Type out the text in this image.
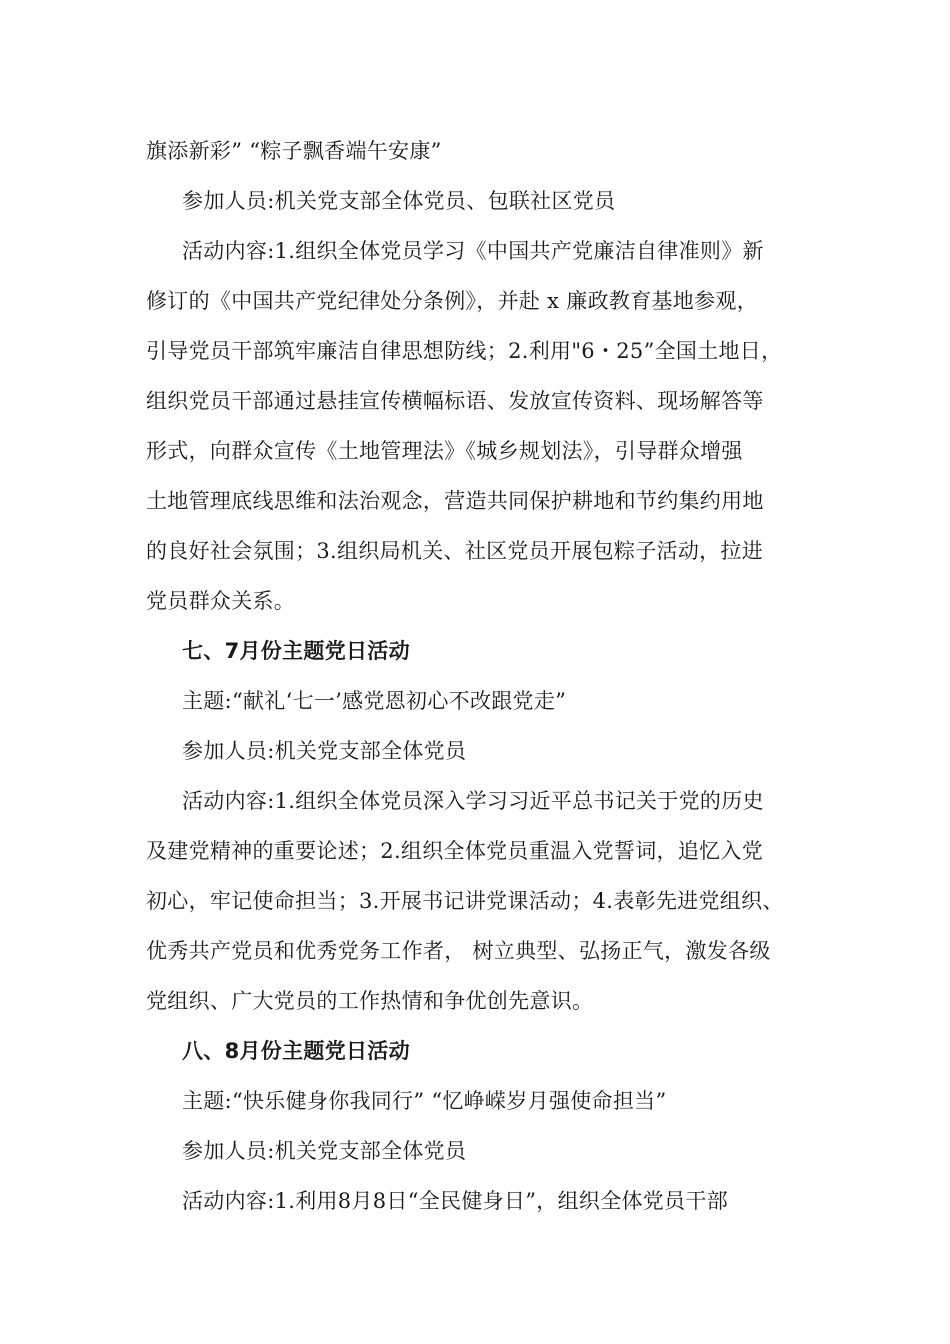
旗添新彩” “粽子飘香端午安康”
参加人员:机关党支部全体党员、包联社区党员
活动内容:1.组织全体党员学习《中国共产党廉洁自律准则》新
修订的《中国共产党纪律处分条例》，并赴 x 廉政教育基地参观，
引导党员干部筑牢廉洁自律思想防线；2.利用"6・25”全国土地日，
组织党员干部通过悬挂宣传横幅标语、发放宣传资料、现场解答等
形式，向群众宣传《土地管理法》《城乡规划法》，引导群众增强
土地管理底线思维和法治观念，营造共同保护耕地和节约集约用地
的良好社会氛围；3.组织局机关、社区党员开展包粽子活动，拉进
党员群众关系。
七、7月份主题党日活动
主题:“献礼‘七一’感党恩初心不改跟党走”
参加人员:机关党支部全体党员
活动内容:1.组织全体党员深入学习习近平总书记关于党的历史
及建党精神的重要论述；2.组织全体党员重温入党誓词，追忆入党
初心，牢记使命担当；3.开展书记讲党课活动；4.表彰先进党组织、
优秀共产党员和优秀党务工作者， 树立典型、弘扬正气，激发各级
党组织、广大党员的工作热情和争优创先意识。
八、8月份主题党日活动
主题:“快乐健身你我同行” “忆峥嵘岁月强使命担当”
参加人员:机关党支部全体党员
活动内容:1.利用8月8日“全民健身日”，组织全体党员干部
